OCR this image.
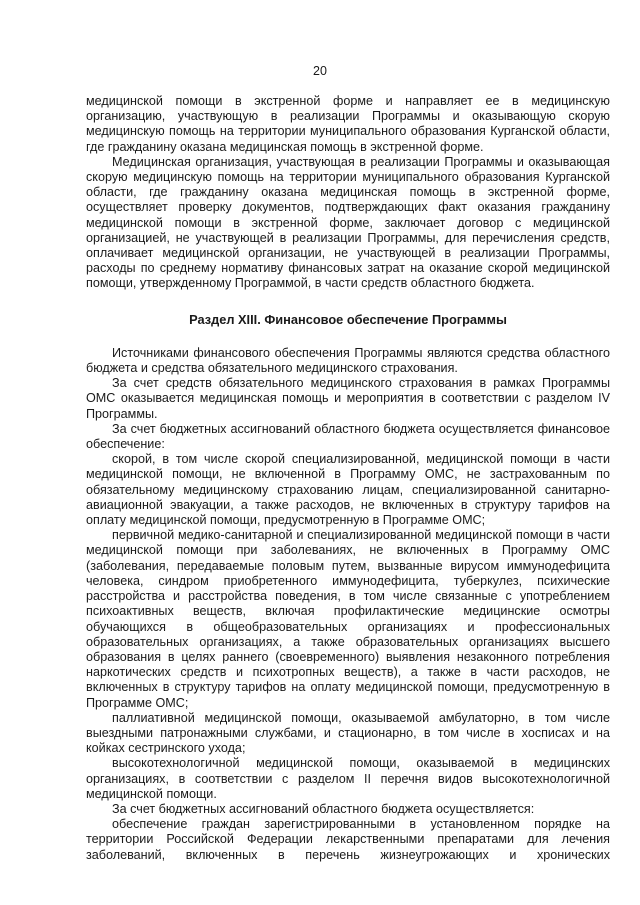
20

медицинской помощи в экстренной форме и направляет ее в медицинскую организацию, участвующую в реализации Программы и оказывающую скорую медицинскую помощь на территории муниципального образования Курганской области, где гражданину оказана медицинская помощь в экстренной форме.

Медицинская организация, участвующая в реализации Программы и оказывающая скорую медицинскую помощь на территории муниципального образования Курганской области, где гражданину оказана медицинская помощь в экстренной форме, осуществляет проверку документов, подтверждающих факт оказания гражданину медицинской помощи в экстренной форме, заключает договор с медицинской организацией, не участвующей в реализации Программы, для перечисления средств, оплачивает медицинской организации, не участвующей в реализации Программы, расходы по среднему нормативу финансовых затрат на оказание скорой медицинской помощи, утвержденному Программой, в части средств областного бюджета.

Раздел XIII. Финансовое обеспечение Программы

Источниками финансового обеспечения Программы являются средства областного бюджета и средства обязательного медицинского страхования.

За счет средств обязательного медицинского страхования в рамках Программы ОМС оказывается медицинская помощь и мероприятия в соответствии с разделом IV Программы.

За счет бюджетных ассигнований областного бюджета осуществляется финансовое обеспечение:

скорой, в том числе скорой специализированной, медицинской помощи в части медицинской помощи, не включенной в Программу ОМС, не застрахованным по обязательному медицинскому страхованию лицам, специализированной санитарно-авиационной эвакуации, а также расходов, не включенных в структуру тарифов на оплату медицинской помощи, предусмотренную в Программе ОМС;

первичной медико-санитарной и специализированной медицинской помощи в части медицинской помощи при заболеваниях, не включенных в Программу ОМС (заболевания, передаваемые половым путем, вызванные вирусом иммунодефицита человека, синдром приобретенного иммунодефицита, туберкулез, психические расстройства и расстройства поведения, в том числе связанные с употреблением психоактивных веществ, включая профилактические медицинские осмотры обучающихся в общеобразовательных организациях и профессиональных образовательных организациях, а также образовательных организациях высшего образования в целях раннего (своевременного) выявления незаконного потребления наркотических средств и психотропных веществ), а также в части расходов, не включенных в структуру тарифов на оплату медицинской помощи, предусмотренную в Программе ОМС;

паллиативной медицинской помощи, оказываемой амбулаторно, в том числе выездными патронажными службами, и стационарно, в том числе в хосписах и на койках сестринского ухода;

высокотехнологичной медицинской помощи, оказываемой в медицинских организациях, в соответствии с разделом II перечня видов высокотехнологичной медицинской помощи.

За счет бюджетных ассигнований областного бюджета осуществляется:

обеспечение граждан зарегистрированными в установленном порядке на территории Российской Федерации лекарственными препаратами для лечения заболеваний, включенных в перечень жизнеугрожающих и хронических
